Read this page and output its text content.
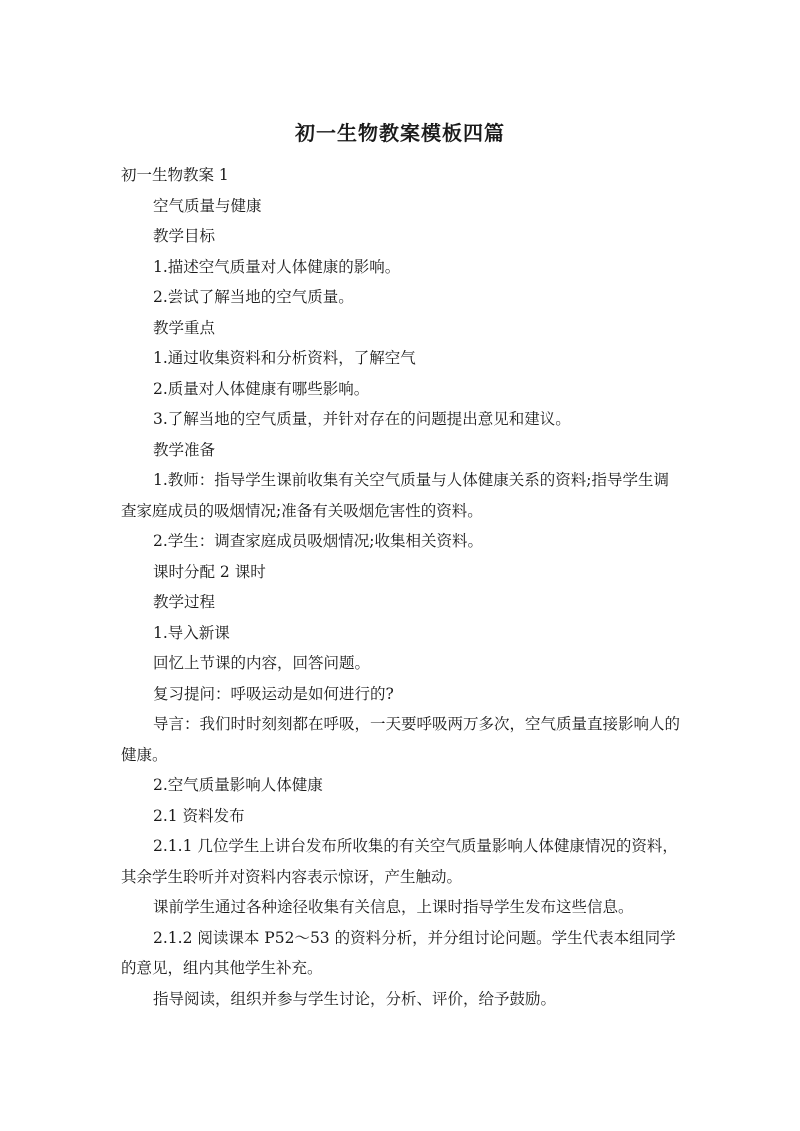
初一生物教案模板四篇

初一生物教案 1

空气质量与健康

教学目标

1.描述空气质量对人体健康的影响。

2.尝试了解当地的空气质量。

教学重点

1.通过收集资料和分析资料，了解空气

2.质量对人体健康有哪些影响。

3.了解当地的空气质量，并针对存在的问题提出意见和建议。

教学准备

1.教师：指导学生课前收集有关空气质量与人体健康关系的资料;指导学生调查家庭成员的吸烟情况;准备有关吸烟危害性的资料。

2.学生：调查家庭成员吸烟情况;收集相关资料。

课时分配 2 课时

教学过程

1.导入新课

回忆上节课的内容，回答问题。

复习提问：呼吸运动是如何进行的?

导言：我们时时刻刻都在呼吸，一天要呼吸两万多次，空气质量直接影响人的健康。

2.空气质量影响人体健康

2.1 资料发布

2.1.1 几位学生上讲台发布所收集的有关空气质量影响人体健康情况的资料，其余学生聆听并对资料内容表示惊讶，产生触动。

课前学生通过各种途径收集有关信息，上课时指导学生发布这些信息。

2.1.2 阅读课本 P52～53 的资料分析，并分组讨论问题。学生代表本组同学的意见，组内其他学生补充。

指导阅读，组织并参与学生讨论，分析、评价，给予鼓励。
